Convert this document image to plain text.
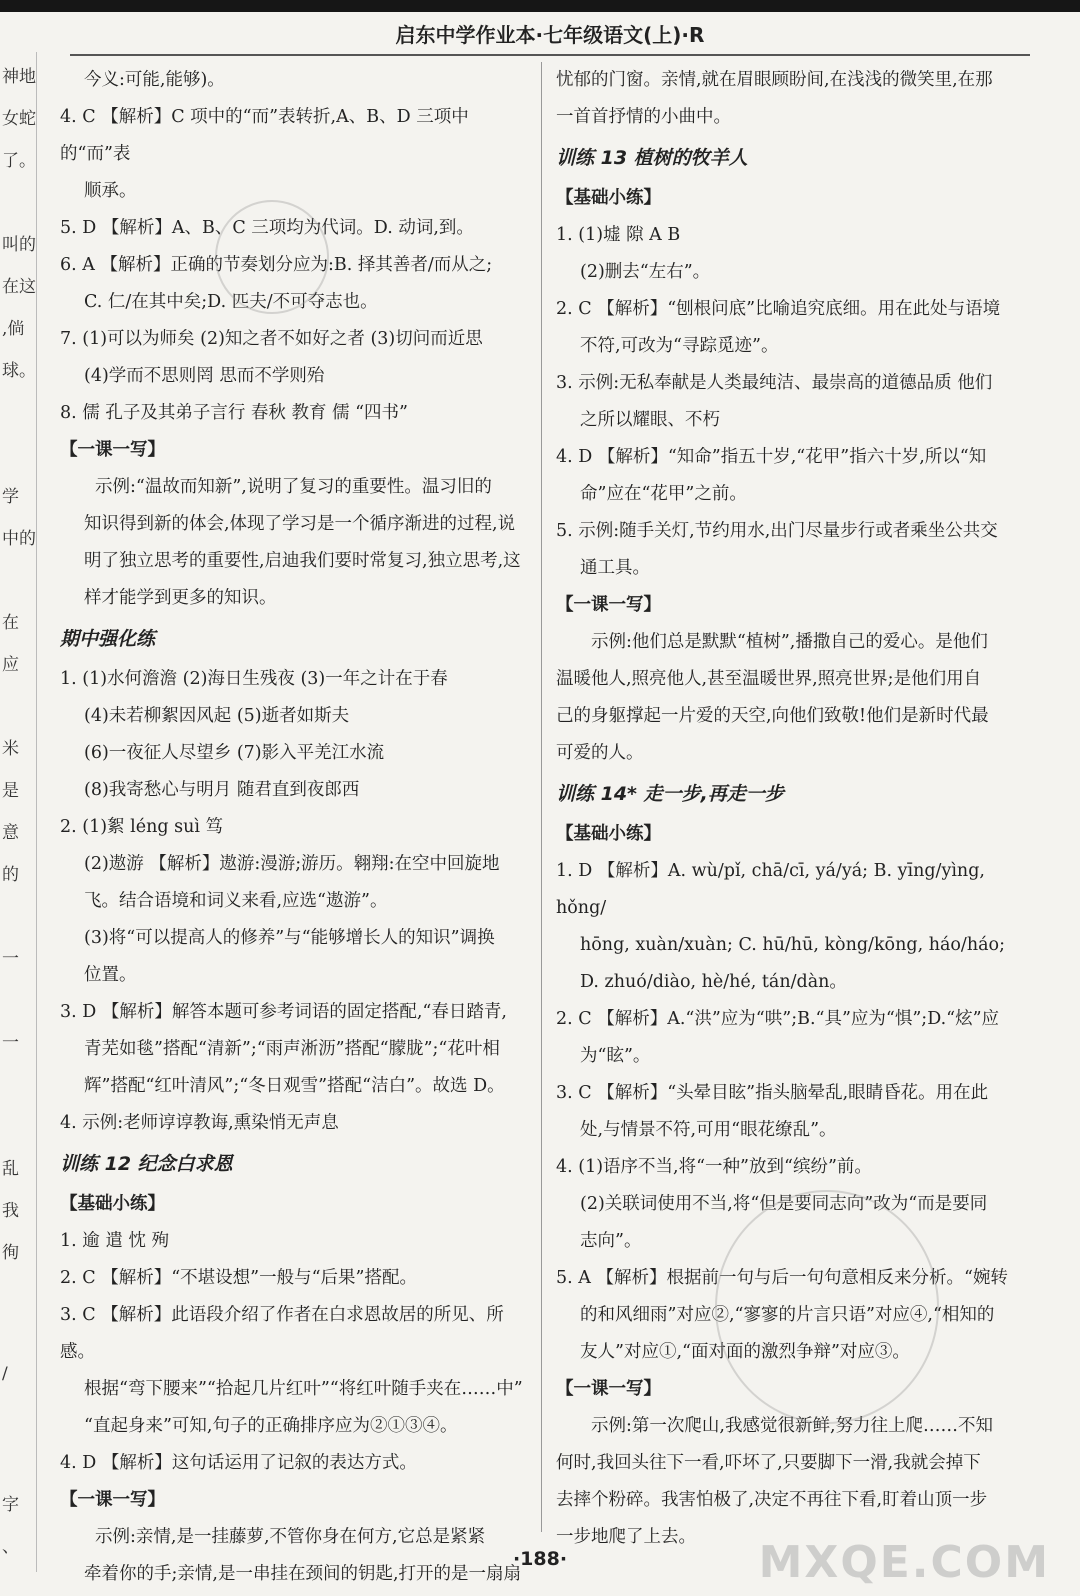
启东中学作业本·七年级语文(上)·R
神地
女蛇
了。
叫的
在这
,倘
球。
学
中的
在
应
米
是
意
的
一
一
乱
我
徇
/
字
、
今义:可能,能够)。
4. C 【解析】C 项中的“而”表转折,A、B、D 三项中的“而”表
顺承。
5. D 【解析】A、B、C 三项均为代词。D. 动词,到。
6. A 【解析】正确的节奏划分应为:B. 择其善者/而从之;
C. 仁/在其中矣;D. 匹夫/不可夺志也。
7. (1)可以为师矣 (2)知之者不如好之者 (3)切问而近思
(4)学而不思则罔 思而不学则殆
8. 儒 孔子及其弟子言行 春秋 教育 儒 “四书”
【一课一写】
示例:“温故而知新”,说明了复习的重要性。温习旧的
知识得到新的体会,体现了学习是一个循序渐进的过程,说
明了独立思考的重要性,启迪我们要时常复习,独立思考,这
样才能学到更多的知识。
期中强化练
1. (1)水何澹澹 (2)海日生残夜 (3)一年之计在于春
(4)未若柳絮因风起 (5)逝者如斯夫
(6)一夜征人尽望乡 (7)影入平羌江水流
(8)我寄愁心与明月 随君直到夜郎西
2. (1)絮 léng suì 笃
(2)遨游 【解析】遨游:漫游;游历。翱翔:在空中回旋地
飞。结合语境和词义来看,应选“遨游”。
(3)将“可以提高人的修养”与“能够增长人的知识”调换
位置。
3. D 【解析】解答本题可参考词语的固定搭配,“春日踏青,
青芜如毯”搭配“清新”;“雨声淅沥”搭配“朦胧”;“花叶相
辉”搭配“红叶清风”;“冬日观雪”搭配“洁白”。故选 D。
4. 示例:老师谆谆教诲,熏染悄无声息
训练 12 纪念白求恩
【基础小练】
1. 逾 遣 忱 殉
2. C 【解析】“不堪设想”一般与“后果”搭配。
3. C 【解析】此语段介绍了作者在白求恩故居的所见、所感。
根据“弯下腰来”“拾起几片红叶”“将红叶随手夹在……中”
“直起身来”可知,句子的正确排序应为②①③④。
4. D 【解析】这句话运用了记叙的表达方式。
【一课一写】
示例:亲情,是一挂藤萝,不管你身在何方,它总是紧紧
牵着你的手;亲情,是一串挂在颈间的钥匙,打开的是一扇扇
忧郁的门窗。亲情,就在眉眼顾盼间,在浅浅的微笑里,在那
一首首抒情的小曲中。
训练 13 植树的牧羊人
【基础小练】
1. (1)墟 隙 A B
(2)删去“左右”。
2. C 【解析】“刨根问底”比喻追究底细。用在此处与语境
不符,可改为“寻踪觅迹”。
3. 示例:无私奉献是人类最纯洁、最崇高的道德品质 他们
之所以耀眼、不朽
4. D 【解析】“知命”指五十岁,“花甲”指六十岁,所以“知
命”应在“花甲”之前。
5. 示例:随手关灯,节约用水,出门尽量步行或者乘坐公共交
通工具。
【一课一写】
示例:他们总是默默“植树”,播撒自己的爱心。是他们
温暖他人,照亮他人,甚至温暖世界,照亮世界;是他们用自
己的身躯撑起一片爱的天空,向他们致敬!他们是新时代最
可爱的人。
训练 14* 走一步,再走一步
【基础小练】
1. D 【解析】A. wù/pǐ, chā/cī, yá/yá; B. yīng/yìng, hǒng/
hōng, xuàn/xuàn; C. hū/hū, kòng/kōng, háo/háo;
D. zhuó/diào, hè/hé, tán/dàn。
2. C 【解析】A.“洪”应为“哄”;B.“具”应为“惧”;D.“炫”应
为“眩”。
3. C 【解析】“头晕目眩”指头脑晕乱,眼睛昏花。用在此
处,与情景不符,可用“眼花缭乱”。
4. (1)语序不当,将“一种”放到“缤纷”前。
(2)关联词使用不当,将“但是要同志向”改为“而是要同
志向”。
5. A 【解析】根据前一句与后一句句意相反来分析。“婉转
的和风细雨”对应②,“寥寥的片言只语”对应④,“相知的
友人”对应①,“面对面的激烈争辩”对应③。
【一课一写】
示例:第一次爬山,我感觉很新鲜,努力往上爬……不知
何时,我回头往下一看,吓坏了,只要脚下一滑,我就会掉下
去摔个粉碎。我害怕极了,决定不再往下看,盯着山顶一步
一步地爬了上去。
·188·	MXQE.COM
